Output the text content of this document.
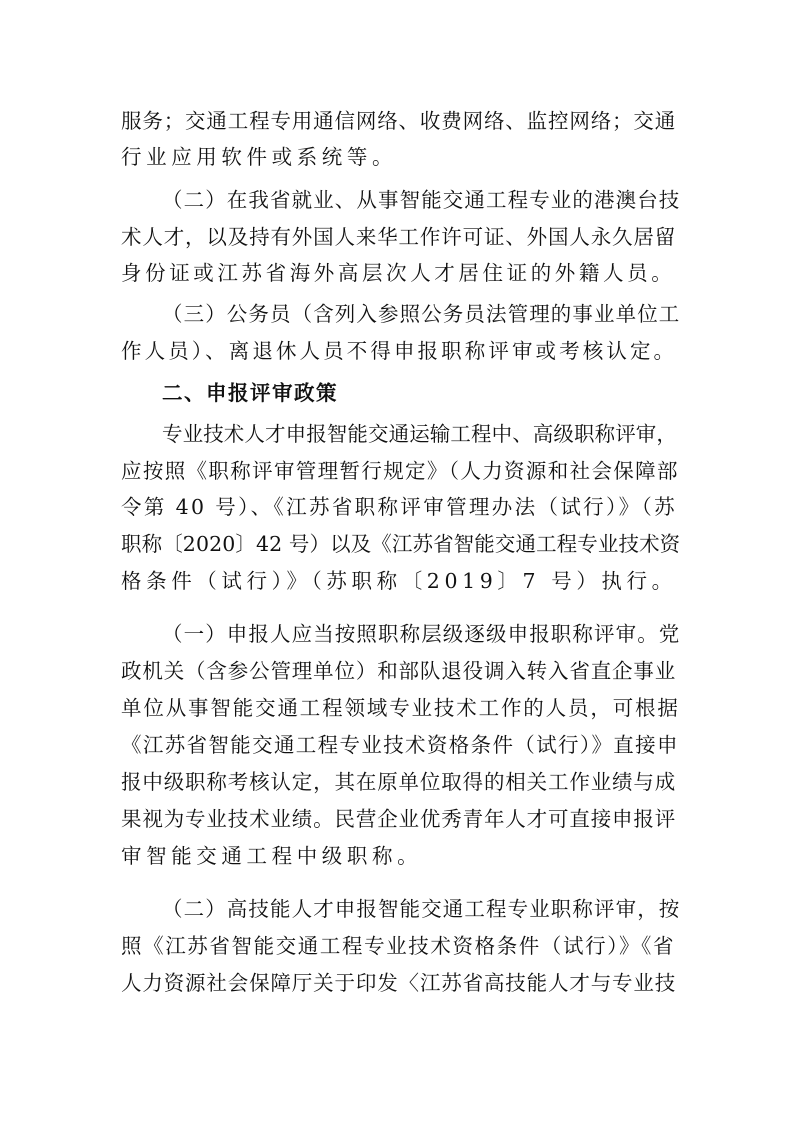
服务；交通工程专用通信网络、收费网络、监控网络；交通
行业应用软件或系统等。
（二）在我省就业、从事智能交通工程专业的港澳台技
术人才，以及持有外国人来华工作许可证、外国人永久居留
身份证或江苏省海外高层次人才居住证的外籍人员。
（三）公务员（含列入参照公务员法管理的事业单位工
作人员）、离退休人员不得申报职称评审或考核认定。
二、申报评审政策
专业技术人才申报智能交通运输工程中、高级职称评审，
应按照《职称评审管理暂行规定》（人力资源和社会保障部
令第 40 号）、《江苏省职称评审管理办法（试行）》（苏
职称〔2020〕42 号）以及《江苏省智能交通工程专业技术资
格条件（试行）》（苏职称〔2019〕7 号）执行。
（一）申报人应当按照职称层级逐级申报职称评审。党
政机关（含参公管理单位）和部队退役调入转入省直企事业
单位从事智能交通工程领域专业技术工作的人员，可根据
《江苏省智能交通工程专业技术资格条件（试行）》直接申
报中级职称考核认定，其在原单位取得的相关工作业绩与成
果视为专业技术业绩。民营企业优秀青年人才可直接申报评
审智能交通工程中级职称。
（二）高技能人才申报智能交通工程专业职称评审，按
照《江苏省智能交通工程专业技术资格条件（试行）》《省
人力资源社会保障厅关于印发〈江苏省高技能人才与专业技
